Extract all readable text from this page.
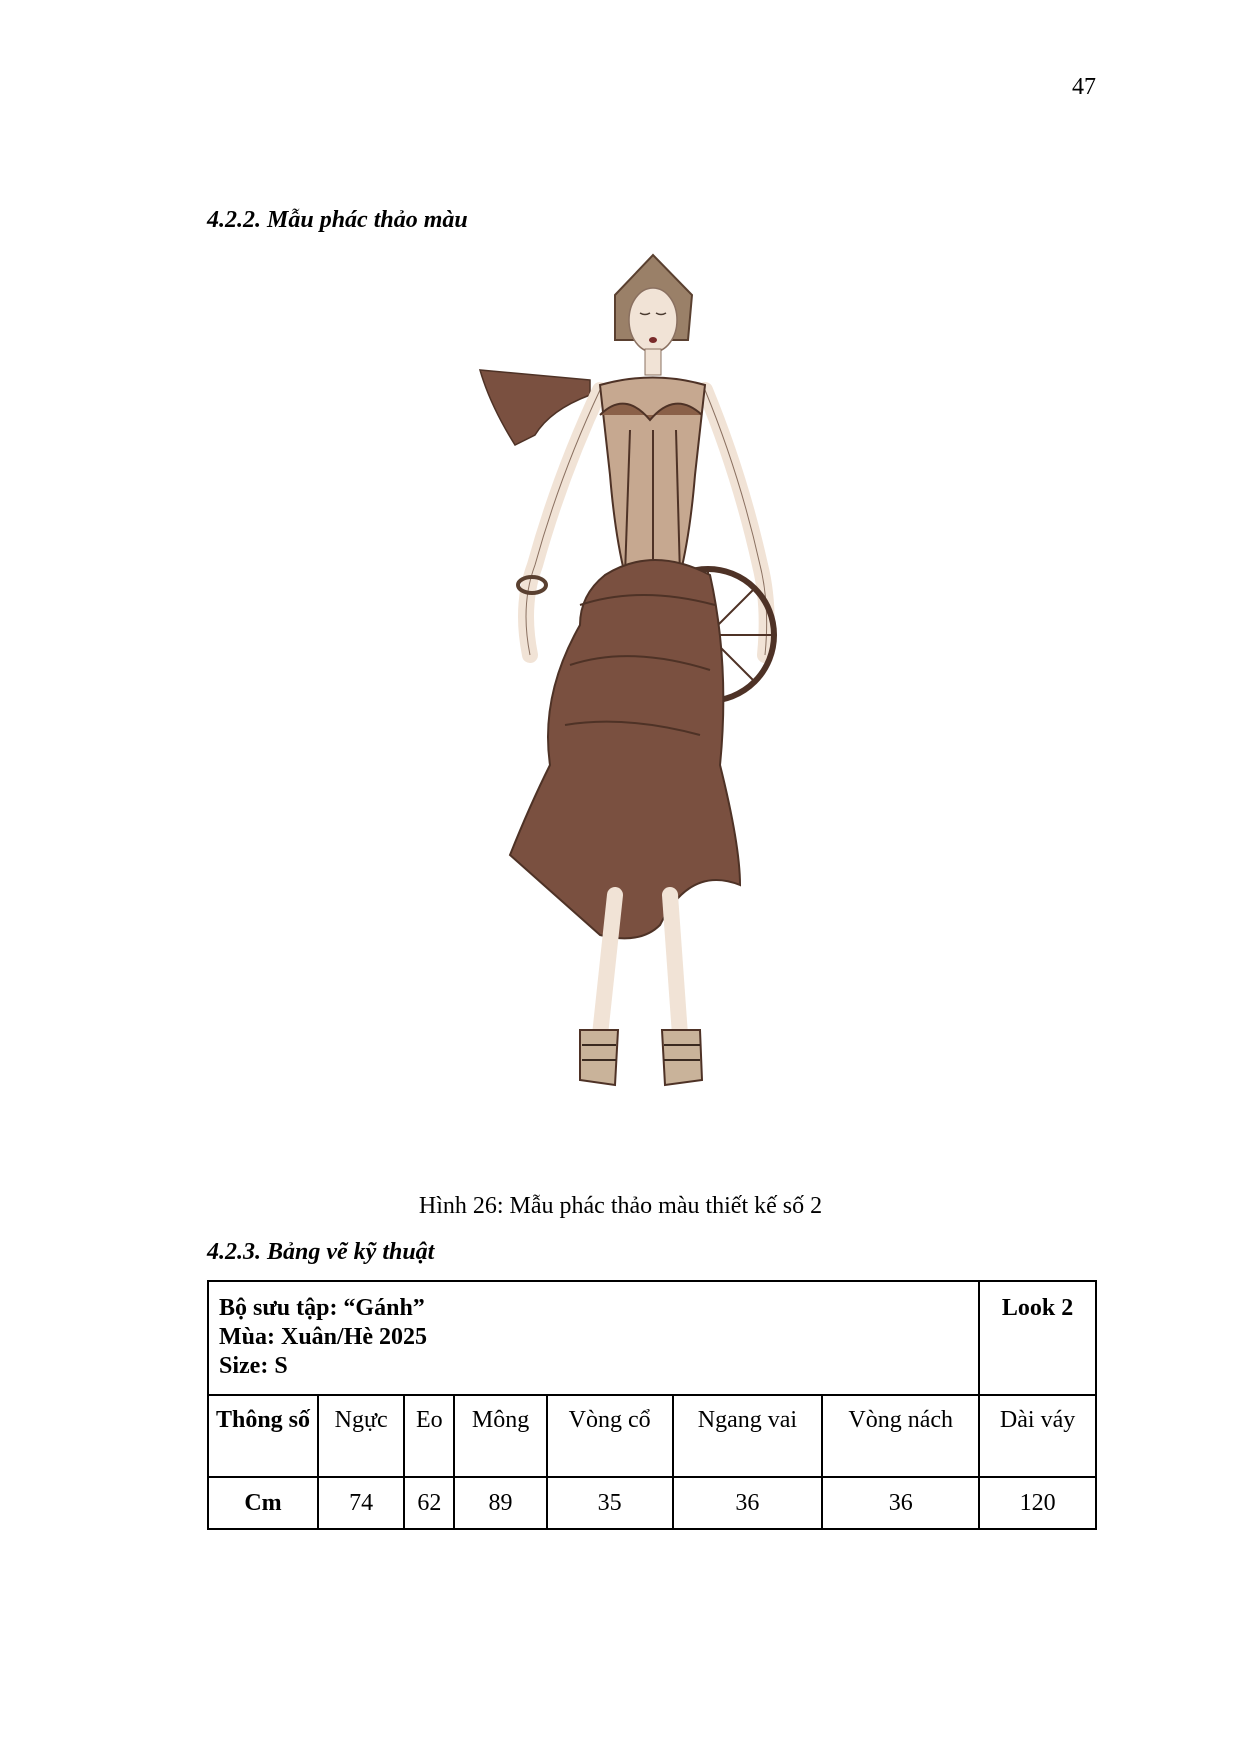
47
4.2.2. Mẫu phác thảo màu
Hình 26: Mẫu phác thảo màu thiết kế số 2
4.2.3. Bảng vẽ kỹ thuật
Bộ sưu tập: “Gánh”
Mùa: Xuân/Hè 2025
Size: S							Look 2
Thông số	Ngực	Eo	Mông	Vòng cổ	Ngang vai	Vòng nách	Dài váy
Cm	74	62	89	35	36	36	120
